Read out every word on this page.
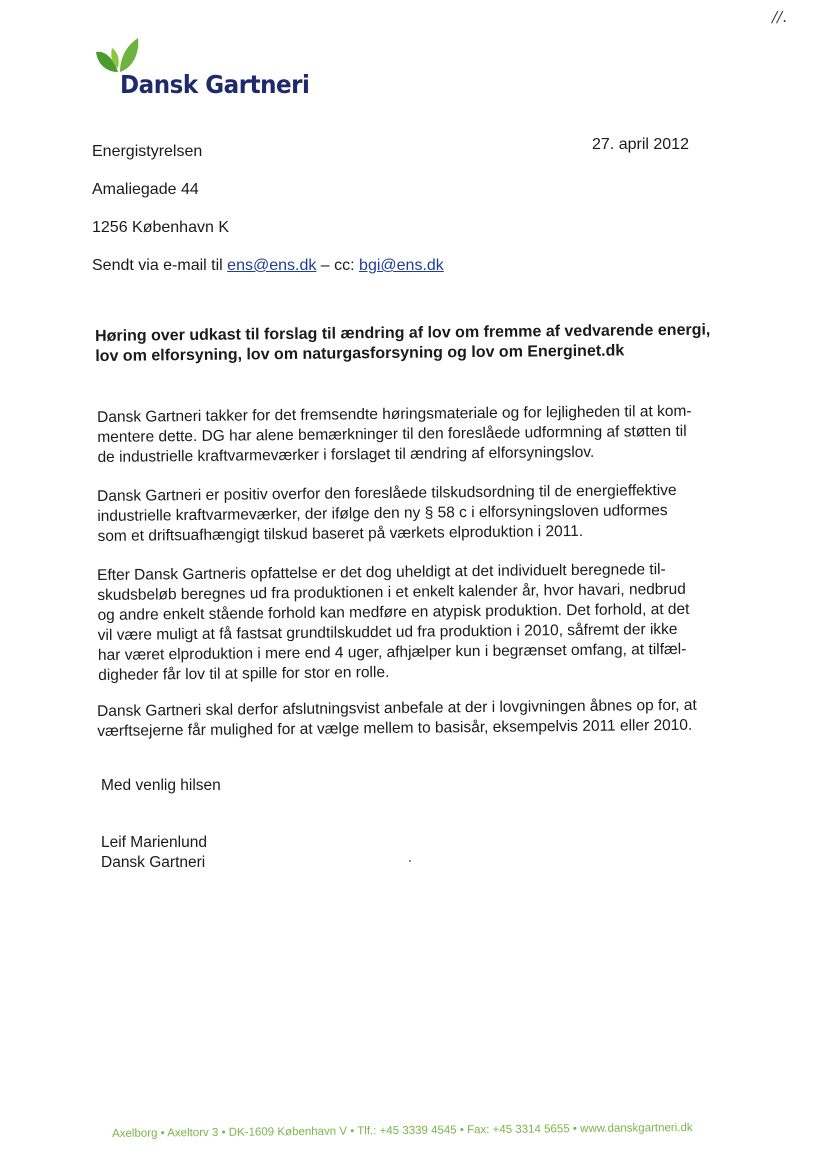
//.
Dansk Gartneri
27. april 2012
Energistyrelsen
Amaliegade 44
1256 København K
Sendt via e-mail til ens@ens.dk – cc: bgi@ens.dk
Høring over udkast til forslag til ændring af lov om fremme af vedvarende energi,
lov om elforsyning, lov om naturgasforsyning og lov om Energinet.dk
Dansk Gartneri takker for det fremsendte høringsmateriale og for lejligheden til at kom-
mentere dette. DG har alene bemærkninger til den foreslåede udformning af støtten til
de industrielle kraftvarmeværker i forslaget til ændring af elforsyningslov.
Dansk Gartneri er positiv overfor den foreslåede tilskudsordning til de energieffektive
industrielle kraftvarmeværker, der ifølge den ny § 58 c i elforsyningsloven udformes
som et driftsuafhængigt tilskud baseret på værkets elproduktion i 2011.
Efter Dansk Gartneris opfattelse er det dog uheldigt at det individuelt beregnede til-
skudsbeløb beregnes ud fra produktionen i et enkelt kalender år, hvor havari, nedbrud
og andre enkelt stående forhold kan medføre en atypisk produktion. Det forhold, at det
vil være muligt at få fastsat grundtilskuddet ud fra produktion i 2010, såfremt der ikke
har været elproduktion i mere end 4 uger, afhjælper kun i begrænset omfang, at tilfæl-
digheder får lov til at spille for stor en rolle.
Dansk Gartneri skal derfor afslutningsvist anbefale at der i lovgivningen åbnes op for, at
værftsejerne får mulighed for at vælge mellem to basisår, eksempelvis 2011 eller 2010.
Med venlig hilsen
Leif Marienlund
Dansk Gartneri
Axelborg • Axeltorv 3 • DK-1609 København V • Tlf.: +45 3339 4545 • Fax: +45 3314 5655 • www.danskgartneri.dk
